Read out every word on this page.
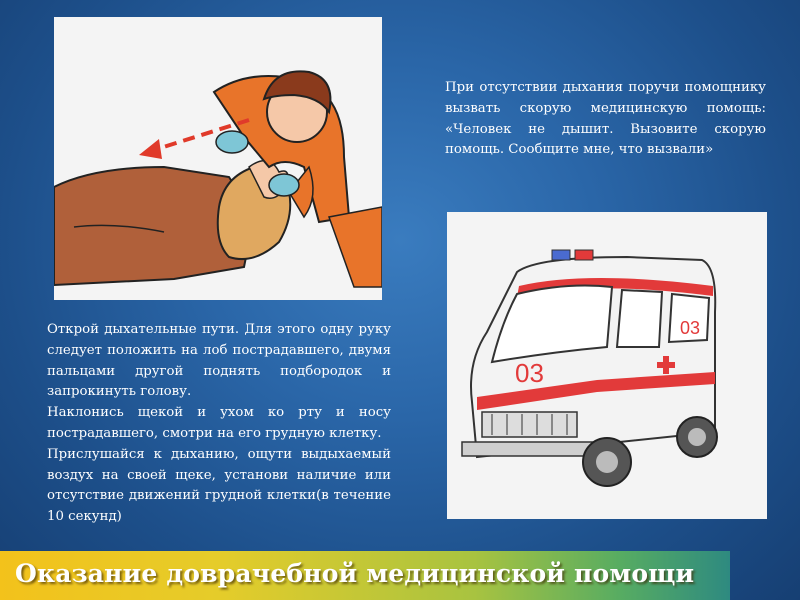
03
03

При отсутствии дыхания поручи помощнику вызвать скорую медицинскую помощь: «Человек не дышит. Вызовите скорую помощь. Сообщите мне, что вызвали»

Открой дыхательные пути. Для этого одну руку следует положить на лоб пострадавшего, двумя пальцами другой поднять подбородок и запрокинуть голову.

Наклонись щекой и ухом ко рту и носу пострадавшего, смотри на его грудную клетку.

Прислушайся к дыханию, ощути выдыхаемый воздух на своей щеке, установи наличие или отсутствие движений грудной клетки(в течение 10 секунд)

Оказание доврачебной медицинской помощи
